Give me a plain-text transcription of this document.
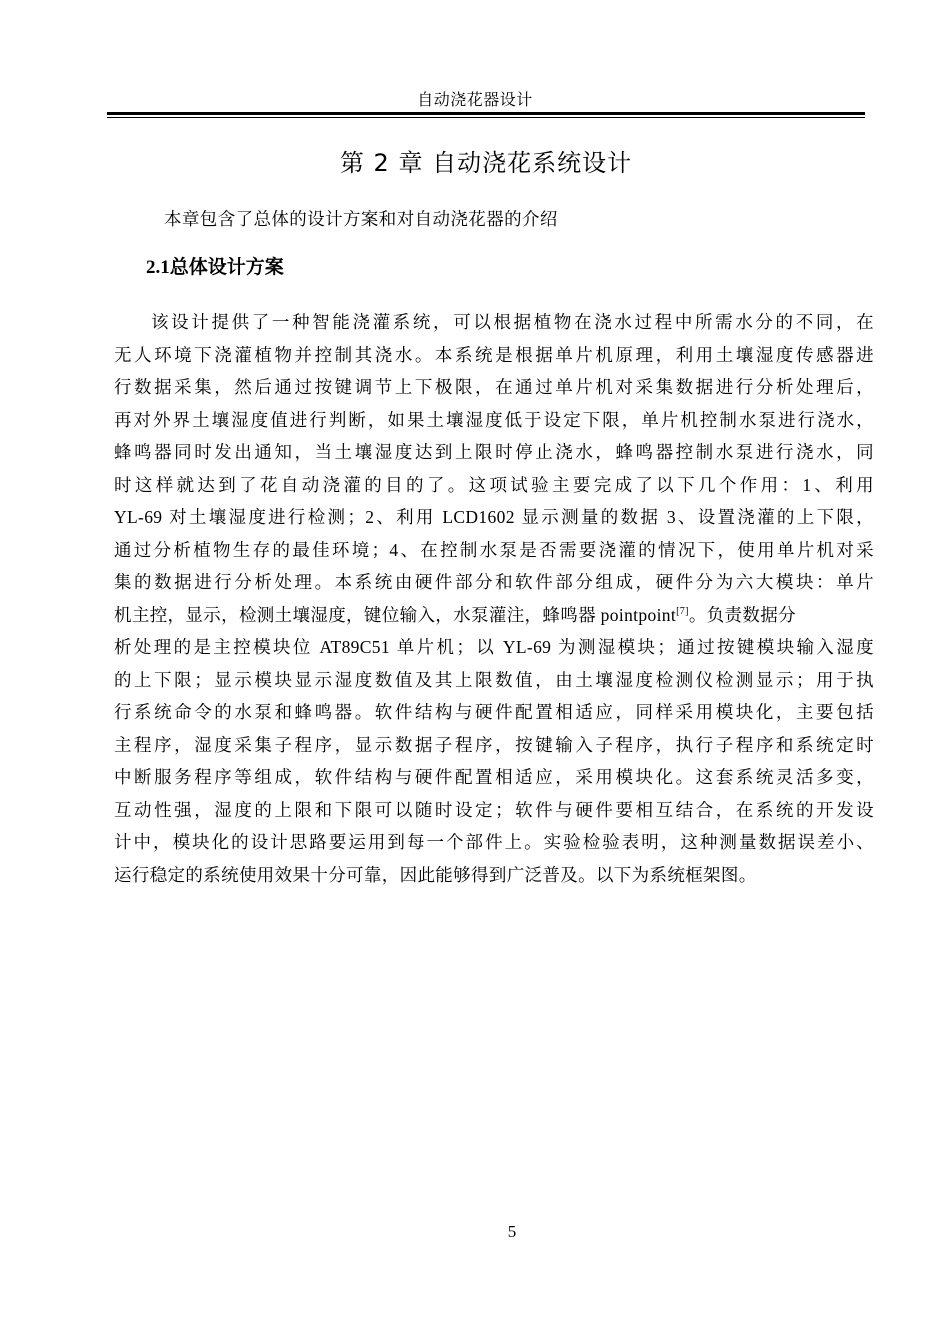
自动浇花器设计
第 2 章 自动浇花系统设计
本章包含了总体的设计方案和对自动浇花器的介绍
2.1总体设计方案
该设计提供了一种智能浇灌系统，可以根据植物在浇水过程中所需水分的不同，在
无人环境下浇灌植物并控制其浇水。本系统是根据单片机原理，利用土壤湿度传感器进
行数据采集，然后通过按键调节上下极限，在通过单片机对采集数据进行分析处理后，
再对外界土壤湿度值进行判断，如果土壤湿度低于设定下限，单片机控制水泵进行浇水，
蜂鸣器同时发出通知，当土壤湿度达到上限时停止浇水，蜂鸣器控制水泵进行浇水，同
时这样就达到了花自动浇灌的目的了。这项试验主要完成了以下几个作用：1、利用
YL-69 对土壤湿度进行检测；2、利用 LCD1602 显示测量的数据 3、设置浇灌的上下限，
通过分析植物生存的最佳环境；4、在控制水泵是否需要浇灌的情况下，使用单片机对采
集的数据进行分析处理。本系统由硬件部分和软件部分组成，硬件分为六大模块：单片
机主控，显示，检测土壤湿度，键位输入，水泵灌注，蜂鸣器 pointpoint[7]。负责数据分
析处理的是主控模块位 AT89C51 单片机；以 YL-69 为测湿模块；通过按键模块输入湿度
的上下限；显示模块显示湿度数值及其上限数值，由土壤湿度检测仪检测显示；用于执
行系统命令的水泵和蜂鸣器。软件结构与硬件配置相适应，同样采用模块化，主要包括
主程序，湿度采集子程序，显示数据子程序，按键输入子程序，执行子程序和系统定时
中断服务程序等组成，软件结构与硬件配置相适应，采用模块化。这套系统灵活多变，
互动性强，湿度的上限和下限可以随时设定；软件与硬件要相互结合，在系统的开发设
计中，模块化的设计思路要运用到每一个部件上。实验检验表明，这种测量数据误差小、
运行稳定的系统使用效果十分可靠，因此能够得到广泛普及。以下为系统框架图。
5
